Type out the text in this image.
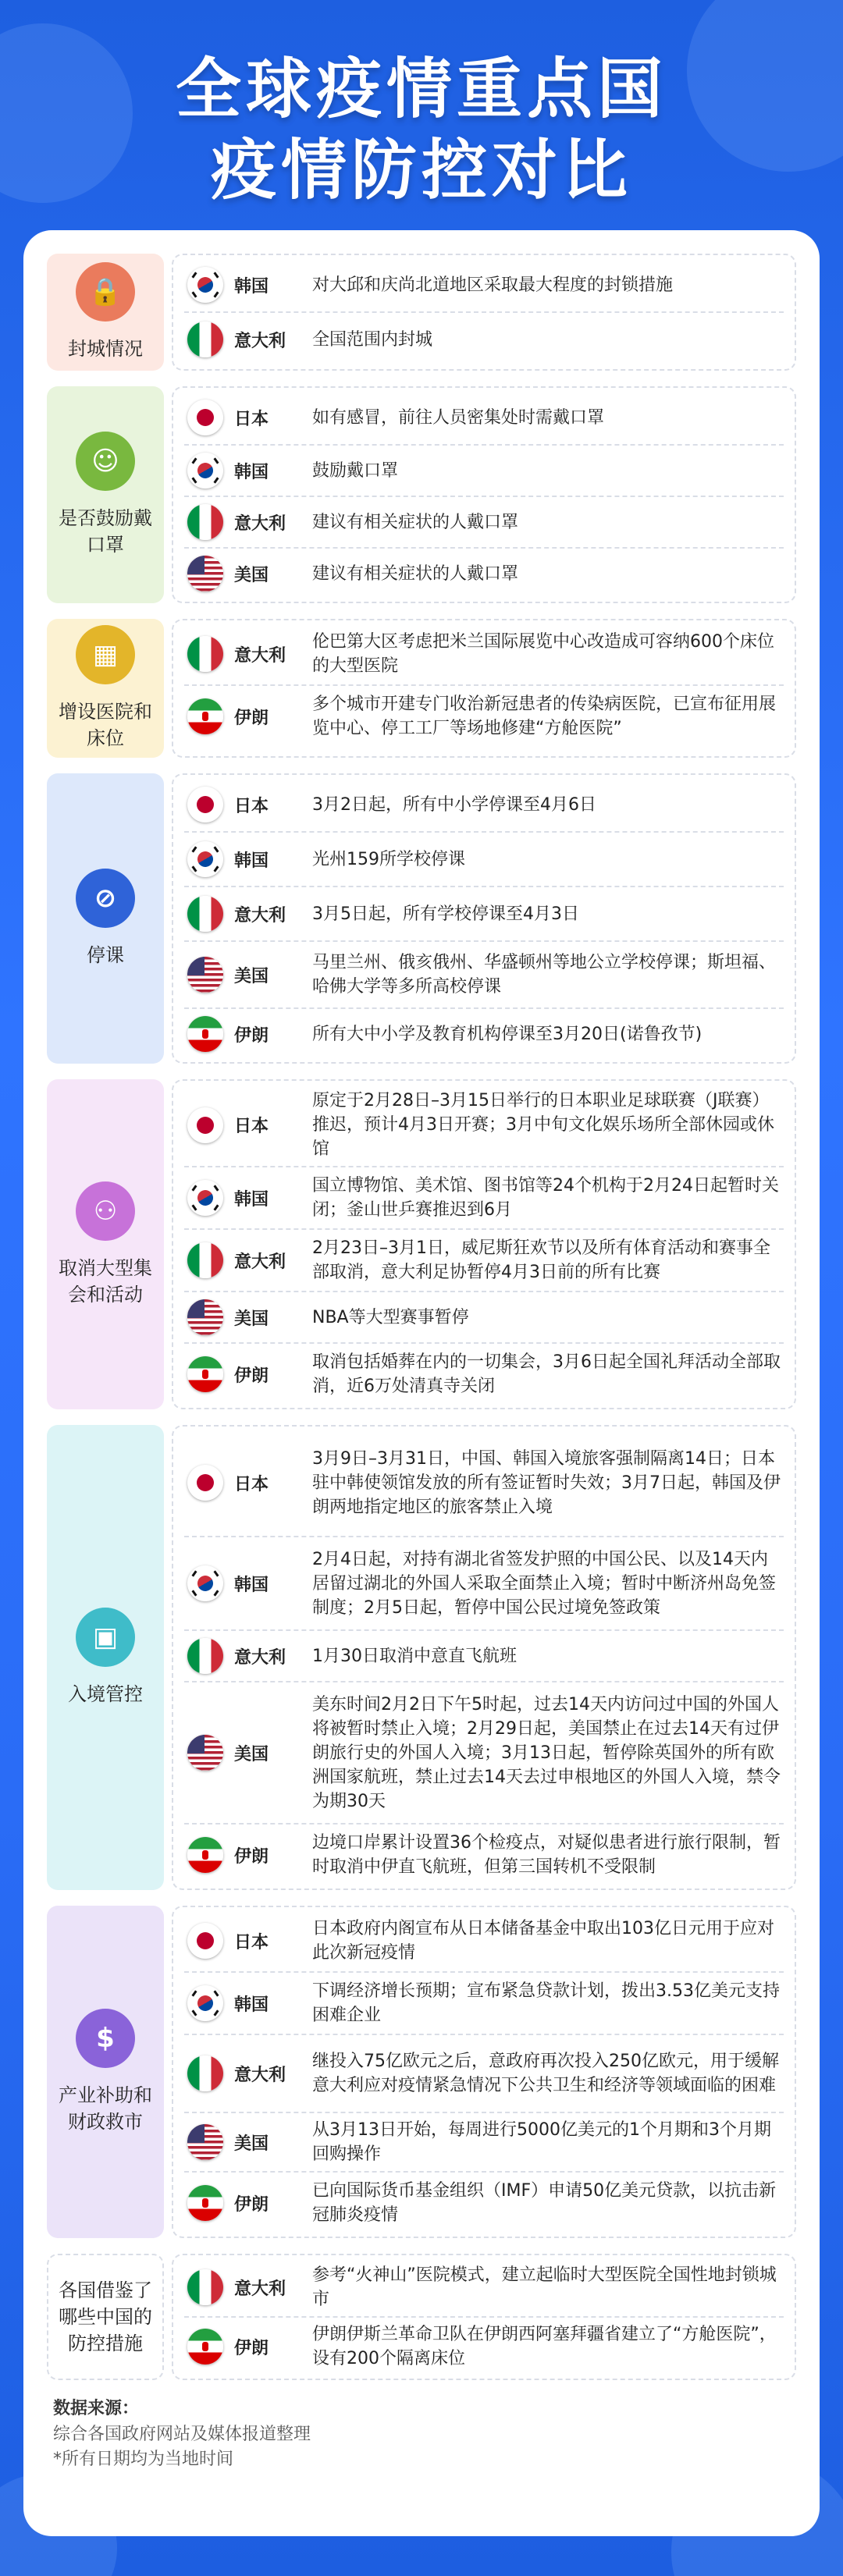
全球疫情重点国
疫情防控对比
🔒
封城情况
韩国	对大邱和庆尚北道地区采取最大程度的封锁措施
意大利	全国范围内封城
☺
是否鼓励戴口罩
日本	如有感冒，前往人员密集处时需戴口罩
韩国	鼓励戴口罩
意大利	建议有相关症状的人戴口罩
美国	建议有相关症状的人戴口罩
▦
增设医院和床位
意大利
伦巴第大区考虑把米兰国际展览中心改造成可容纳600个床位的大型医院
伊朗
多个城市开建专门收治新冠患者的传染病医院，已宣布征用展览中心、停工工厂等场地修建“方舱医院”
⊘
停课
日本	3月2日起，所有中小学停课至4月6日
韩国	光州159所学校停课
意大利	3月5日起，所有学校停课至4月3日
美国
马里兰州、俄亥俄州、华盛顿州等地公立学校停课；斯坦福、哈佛大学等多所高校停课
伊朗	所有大中小学及教育机构停课至3月20日(诺鲁孜节)
⚇
取消大型集会和活动
日本
原定于2月28日–3月15日举行的日本职业足球联赛（J联赛）推迟，预计4月3日开赛；3月中旬文化娱乐场所全部休园或休馆
韩国
国立博物馆、美术馆、图书馆等24个机构于2月24日起暂时关闭；釜山世乒赛推迟到6月
意大利
2月23日–3月1日，威尼斯狂欢节以及所有体育活动和赛事全部取消，意大利足协暂停4月3日前的所有比赛
美国	NBA等大型赛事暂停
伊朗
取消包括婚葬在内的一切集会，3月6日起全国礼拜活动全部取消，近6万处清真寺关闭
▣
入境管控
日本
3月9日–3月31日，中国、韩国入境旅客强制隔离14日；日本驻中韩使领馆发放的所有签证暂时失效；3月7日起，韩国及伊朗两地指定地区的旅客禁止入境
韩国
2月4日起，对持有湖北省签发护照的中国公民、以及14天内居留过湖北的外国人采取全面禁止入境；暂时中断济州岛免签制度；2月5日起，暂停中国公民过境免签政策
意大利	1月30日取消中意直飞航班
美国
美东时间2月2日下午5时起，过去14天内访问过中国的外国人将被暂时禁止入境；2月29日起，美国禁止在过去14天有过伊朗旅行史的外国人入境；3月13日起，暂停除英国外的所有欧洲国家航班，禁止过去14天去过申根地区的外国人入境，禁令为期30天
伊朗
边境口岸累计设置36个检疫点，对疑似患者进行旅行限制，暂时取消中伊直飞航班，但第三国转机不受限制
$
产业补助和财政救市
日本
日本政府内阁宣布从日本储备基金中取出103亿日元用于应对此次新冠疫情
韩国
下调经济增长预期；宣布紧急贷款计划，拨出3.53亿美元支持困难企业
意大利
继投入75亿欧元之后，意政府再次投入250亿欧元，用于缓解意大利应对疫情紧急情况下公共卫生和经济等领域面临的困难
美国
从3月13日开始，每周进行5000亿美元的1个月期和3个月期回购操作
伊朗
已向国际货币基金组织（IMF）申请50亿美元贷款，以抗击新冠肺炎疫情
各国借鉴了哪些中国的防控措施
意大利
参考“火神山”医院模式，建立起临时大型医院全国性地封锁城市
伊朗
伊朗伊斯兰革命卫队在伊朗西阿塞拜疆省建立了“方舱医院”，设有200个隔离床位
数据来源：
综合各国政府网站及媒体报道整理
*所有日期均为当地时间
